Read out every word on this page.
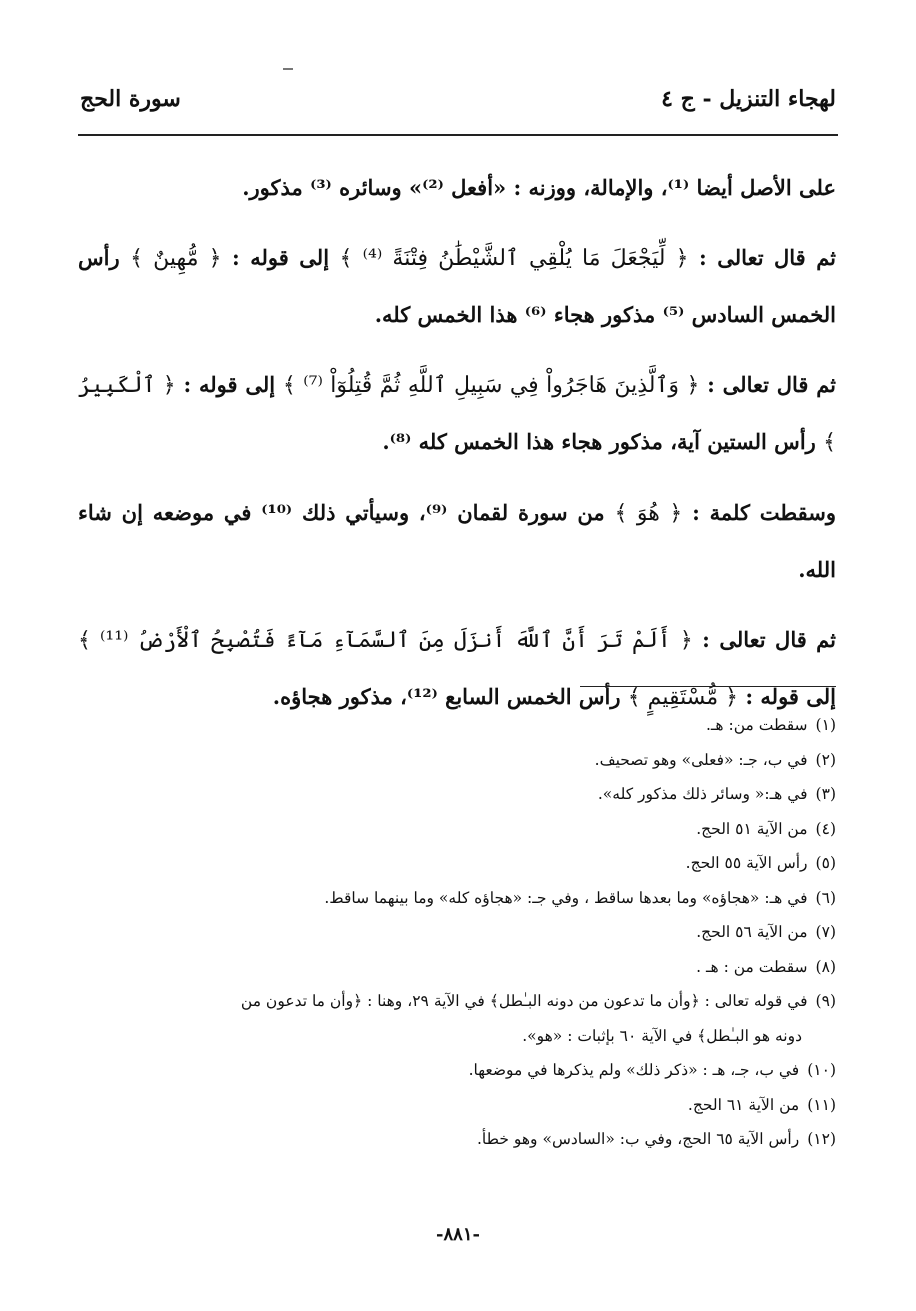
لهجاء التنزيل - ج ٤
سورة الحج

على الأصل أيضا ⁽¹⁾، والإمالة، ووزنه : «أفعل ⁽²⁾» وسائره ⁽³⁾ مذكور.

ثم قال تعالى : ﴿ لِّيَجْعَلَ مَا يُلْقِي ٱلشَّيْطَٰنُ فِتْنَةً ⁽⁴⁾ ﴾ إلى قوله : ﴿ مُّهِينٌ ﴾ رأس الخمس السادس ⁽⁵⁾ مذكور هجاء ⁽⁶⁾ هذا الخمس كله.

ثم قال تعالى : ﴿ وَٱلَّذِينَ هَاجَرُواْ فِي سَبِيلِ ٱللَّهِ ثُمَّ قُتِلُوٓاْ ⁽⁷⁾ ﴾ إلى قوله : ﴿ ٱلْكَبِيرُ ﴾ رأس الستين آية، مذكور هجاء هذا الخمس كله ⁽⁸⁾.

وسقطت كلمة : ﴿ هُوَ ﴾ من سورة لقمان ⁽⁹⁾، وسيأتي ذلك ⁽¹⁰⁾ في موضعه إن شاء الله.

ثم قال تعالى : ﴿ أَلَمْ تَرَ أَنَّ ٱللَّهَ أَنزَلَ مِنَ ٱلسَّمَآءِ مَآءً فَتُصْبِحُ ٱلْأَرْضُ ⁽¹¹⁾ ﴾ إلى قوله : ﴿ مُّسْتَقِيمٍ ﴾ رأس الخمس السابع ⁽¹²⁾، مذكور هجاؤه.

(١)سقطت من: هـ.

(٢)في ب، جـ: «فعلى» وهو تصحيف.

(٣)في هـ:« وسائر ذلك مذكور كله».

(٤)من الآية ٥١ الحج.

(٥)رأس الآية ٥٥ الحج.

(٦)في هـ: «هجاؤه» وما بعدها ساقط ، وفي جـ: «هجاؤه كله» وما بينهما ساقط.

(٧)من الآية ٥٦ الحج.

(٨)سقطت من : هـ .

(٩)في قوله تعالى : ﴿وأن ما تدعون من دونه البـٰطل﴾ في الآية ٢٩، وهنا : ﴿وأن ما تدعون من

دونه هو البـٰطل﴾ في الآية ٦٠ بإثبات : «هو».

(١٠)في ب، جـ، هـ : «ذكر ذلك» ولم يذكرها في موضعها.

(١١)من الآية ٦١ الحج.

(١٢)رأس الآية ٦٥ الحج، وفي ب: «السادس» وهو خطأ.

-٨٨١-
